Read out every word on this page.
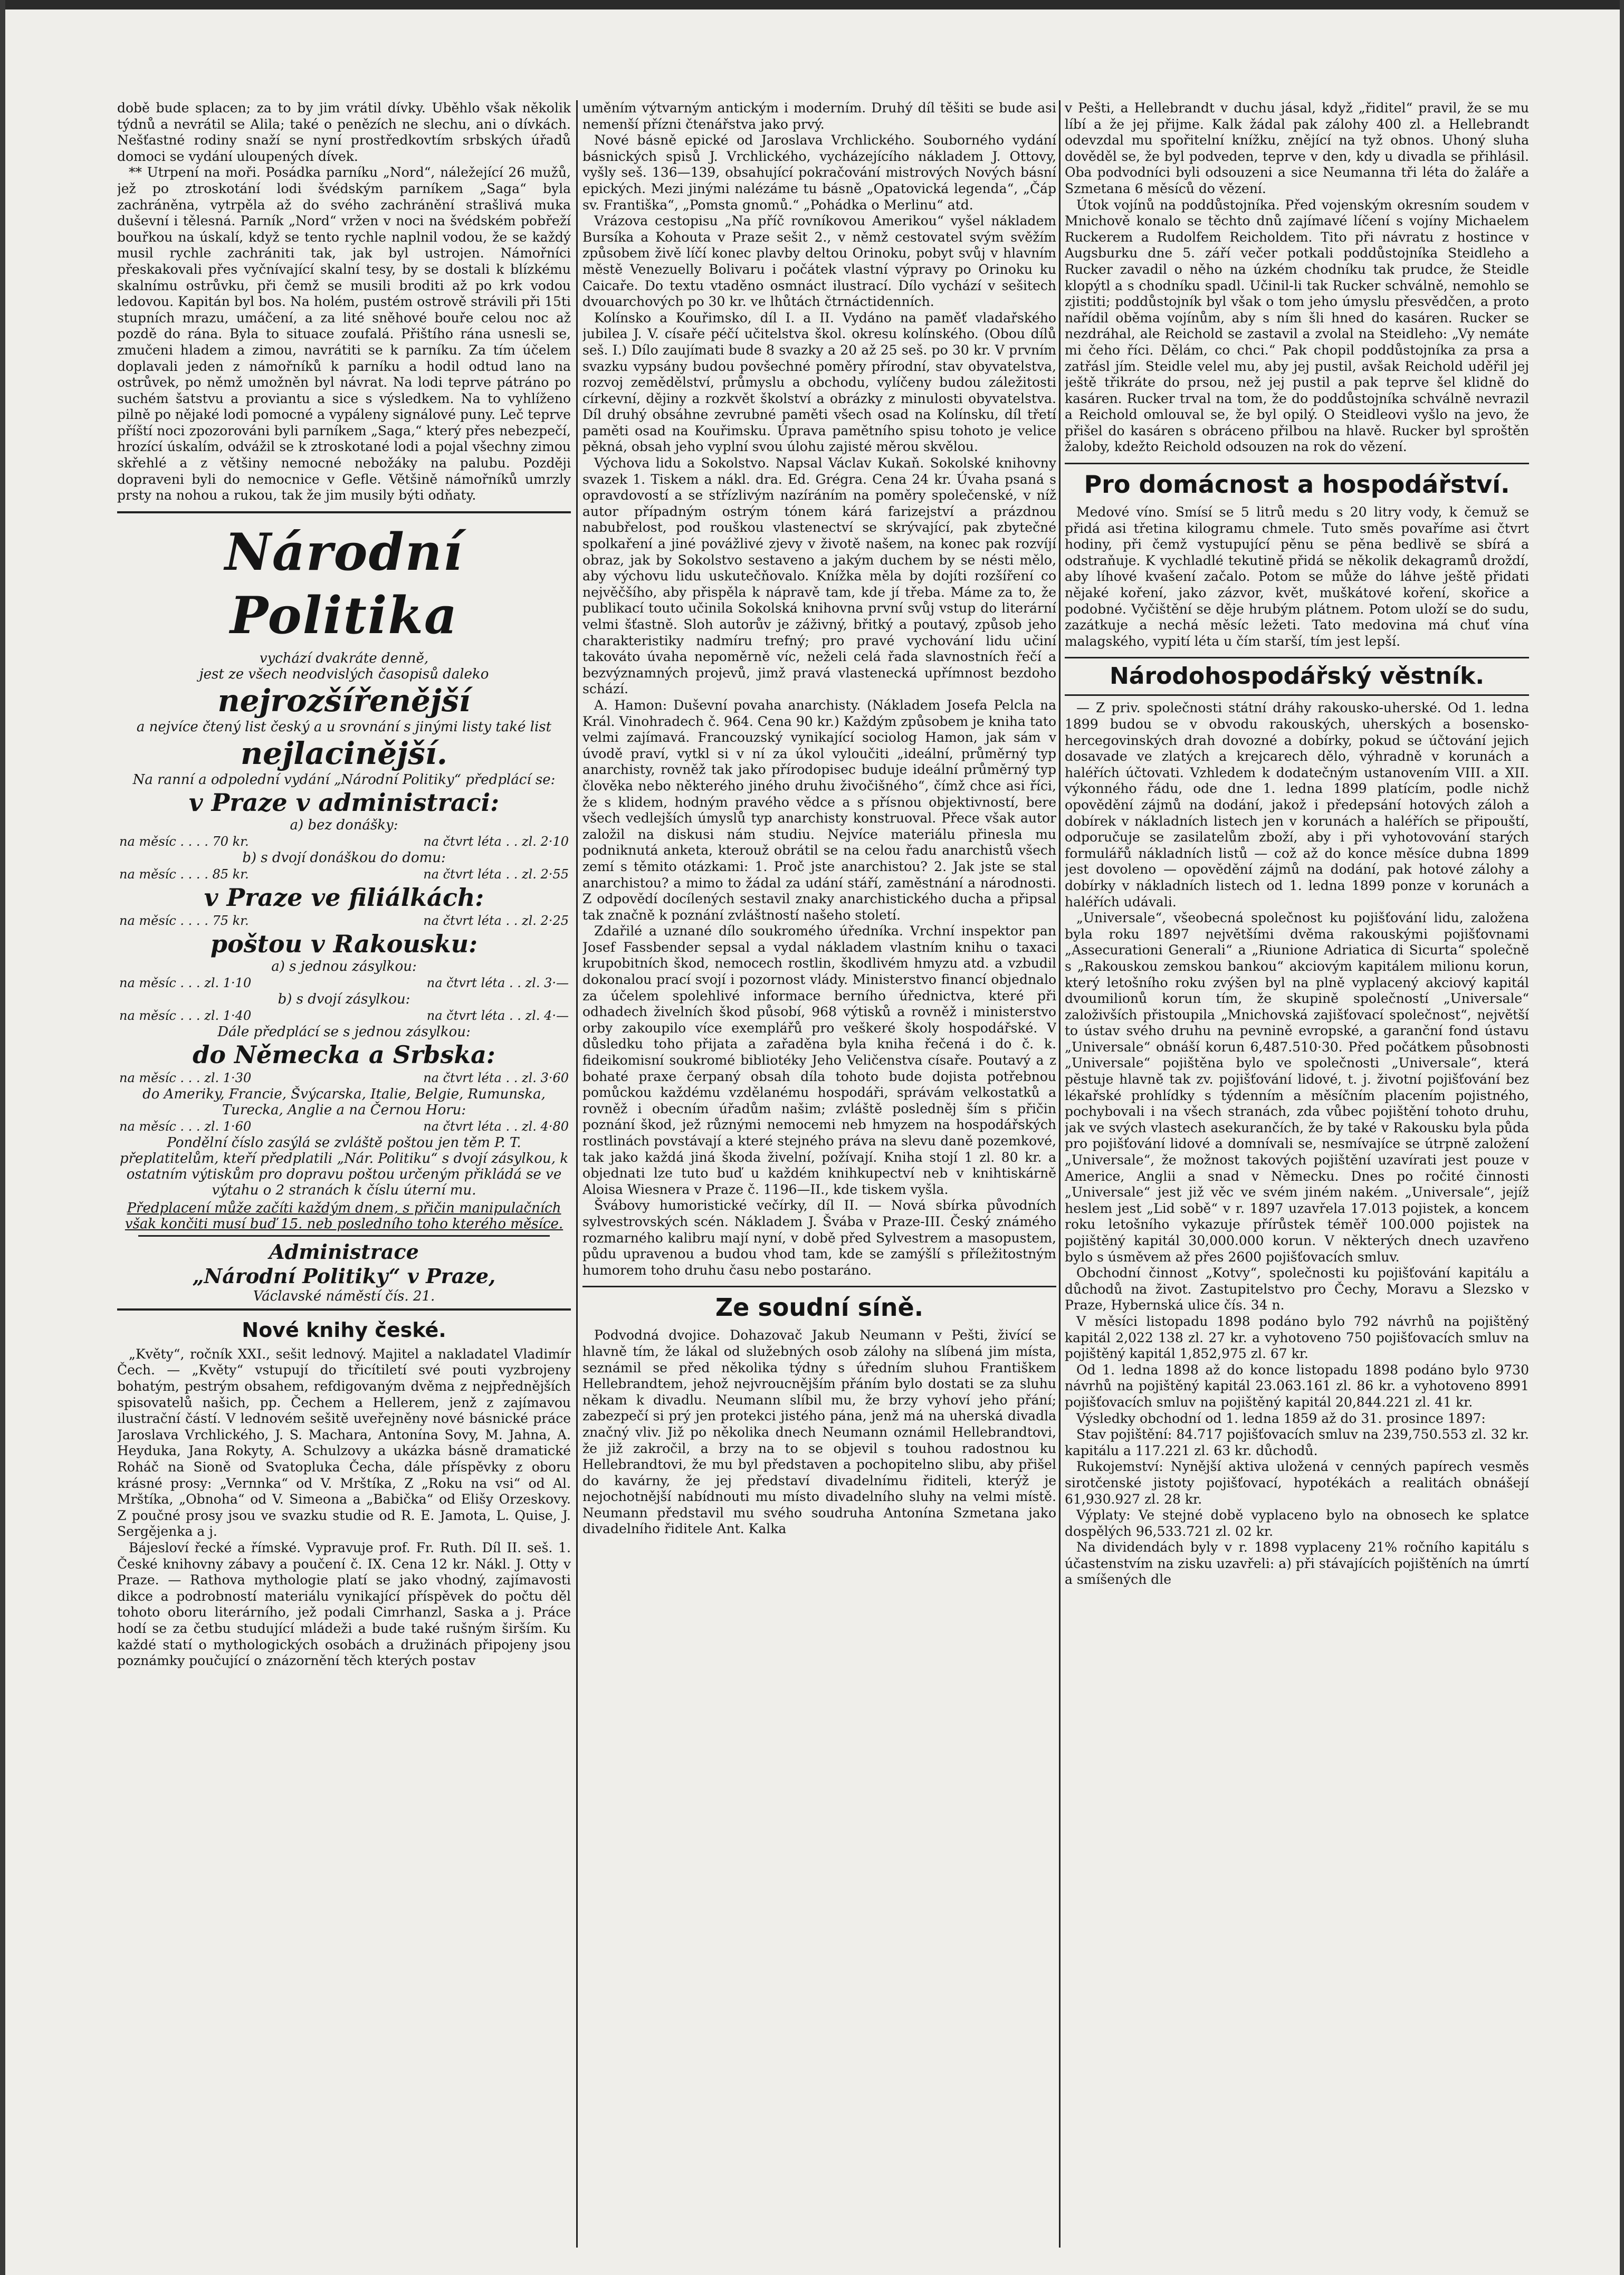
době bude splacen; za to by jim vrátil dívky. Uběhlo však několik týdnů a nevrátil se Alila; také o penězích ne slechu, ani o dívkách. Nešťastné rodiny snaží se nyní prostředkovtím srbských úřadů domoci se vydání uloupených dívek.

** Utrpení na moři. Posádka parníku „Nord“, náležející 26 mužů, jež po ztroskotání lodi švédským parníkem „Saga“ byla zachráněna, vytrpěla až do svého zachránění strašlivá muka duševní i tělesná. Parník „Nord“ vržen v noci na švédském pobřeží bouřkou na úskalí, když se tento rychle naplnil vodou, že se každý musil rychle zachrániti tak, jak byl ustrojen. Námořníci přeskakovali přes vyčnívající skalní tesy, by se dostali k blízkému skalnímu ostrůvku, při čemž se musili broditi až po krk vodou ledovou. Kapitán byl bos. Na holém, pustém ostrově strávili při 15ti stupních mrazu, umáčení, a za lité sněhové bouře celou noc až pozdě do rána. Byla to situace zoufalá. Přištího rána usnesli se, zmučeni hladem a zimou, navrátiti se k parníku. Za tím účelem doplavali jeden z námořníků k parníku a hodil odtud lano na ostrůvek, po němž umožněn byl návrat. Na lodi teprve pátráno po suchém šatstvu a proviantu a sice s výsledkem. Na to vyhlíženo pilně po nějaké lodi pomocné a vypáleny signálové puny. Leč teprve příští noci zpozorováni byli parníkem „Saga,“ který přes nebezpečí, hrozící úskalím, odvážil se k ztroskotané lodi a pojal všechny zimou skřehlé a z většiny nemocné nebožáky na palubu. Později dopraveni byli do nemocnice v Gefle. Většině námořníků umrzly prsty na nohou a rukou, tak že jim musily býti odňaty.

Národní Politika
vychází dvakráte denně,
jest ze všech neodvislých časopisů daleko
nejrozšířenější
a nejvíce čtený list český a u srovnání s jinými listy také list
nejlacinější.
Na ranní a odpolední vydání „Národní Politiky“ předplácí se:
v Praze v administraci:
a) bez donášky:
na měsíc . . . . 70 kr.	na čtvrt léta . . zl. 2·10
b) s dvojí donáškou do domu:
na měsíc . . . . 85 kr.	na čtvrt léta . . zl. 2·55
v Praze ve filiálkách:
na měsíc . . . . 75 kr.	na čtvrt léta . . zl. 2·25
poštou v Rakousku:
a) s jednou zásylkou:
na měsíc . . . zl. 1·10	na čtvrt léta . . zl. 3·—
b) s dvojí zásylkou:
na měsíc . . . zl. 1·40	na čtvrt léta . . zl. 4·—
Dále předplácí se s jednou zásylkou:
do Německa a Srbska:
na měsíc . . . zl. 1·30	na čtvrt léta . . zl. 3·60
do Ameriky, Francie, Švýcarska, Italie, Belgie, Rumunska, Turecka, Anglie a na Černou Horu:
na měsíc . . . zl. 1·60	na čtvrt léta . . zl. 4·80
Pondělní číslo zasýlá se zvláště poštou jen těm P. T. přeplatitelům, kteří předplatili „Nár. Politiku“ s dvojí zásylkou, k ostatním výtiskům pro dopravu poštou určeným přikládá se ve výtahu o 2 stranách k číslu úterní mu.
Předplacení může začíti každým dnem, s přičin manipulačních však končiti musí buď 15. neb posledního toho kterého měsíce.
Administrace
„Národní Politiky“ v Praze,
Václavské náměstí čís. 21.
Nové knihy české.

„Květy“, ročník XXI., sešit lednový. Majitel a nakladatel Vladimír Čech. — „Květy“ vstupují do třicítiletí své pouti vyzbrojeny bohatým, pestrým obsahem, refdigovaným dvěma z nejpřednějších spisovatelů našich, pp. Čechem a Hellerem, jenž z zajímavou ilustrační částí. V lednovém sešitě uveřejněny nové básnické práce Jaroslava Vrchlického, J. S. Machara, Antonína Sovy, M. Jahna, A. Heyduka, Jana Rokyty, A. Schulzovy a ukázka básně dramatické Roháč na Sioně od Svatopluka Čecha, dále příspěvky z oboru krásné prosy: „Vernnka“ od V. Mrštíka, Z „Roku na vsi“ od Al. Mrštíka, „Obnoha“ od V. Simeona a „Babička“ od Elišy Orzeskovy. Z poučné prosy jsou ve svazku studie od R. E. Jamota, L. Quise, J. Sergějenka a j.

Bájesloví řecké a římské. Vypravuje prof. Fr. Ruth. Díl II. seš. 1. České knihovny zábavy a poučení č. IX. Cena 12 kr. Nákl. J. Otty v Praze. — Rathova mythologie platí se jako vhodný, zajímavosti dikce a podrobností materiálu vynikající příspěvek do počtu děl tohoto oboru literárního, jež podali Cimrhanzl, Saska a j. Práce hodí se za četbu studující mládeži a bude také rušným širším. Ku každé statí o mythologických osobách a družinách připojeny jsou poznámky poučující o znázornění těch kterých postav

uměním výtvarným antickým i moderním. Druhý díl těšiti se bude asi nemenší přízni čtenářstva jako prvý.

Nové básně epické od Jaroslava Vrchlického. Souborného vydání básnických spisů J. Vrchlického, vycházejícího nákladem J. Ottovy, vyšly seš. 136—139, obsahující pokračování mistrových Nových básní epických. Mezi jinými nalézáme tu básně „Opatovická legenda“, „Čáp sv. Františka“, „Pomsta gnomů.“ „Pohádka o Merlinu“ atd.

Vrázova cestopisu „Na příč rovníkovou Amerikou“ vyšel nákladem Bursíka a Kohouta v Praze sešit 2., v němž cestovatel svým svěžím způsobem živě líčí konec plavby deltou Orinoku, pobyt svůj v hlavním městě Venezuelly Bolivaru i počátek vlastní výpravy po Orinoku ku Caicaře. Do textu vtaděno osmnáct ilustrací. Dílo vychází v sešitech dvouarchových po 30 kr. ve lhůtách čtrnáctidenních.

Kolínsko a Kouřimsko, díl I. a II. Vydáno na paměť vladařského jubilea J. V. císaře péčí učitelstva škol. okresu kolínského. (Obou dílů seš. I.) Dílo zaujímati bude 8 svazky a 20 až 25 seš. po 30 kr. V prvním svazku vypsány budou povšechné poměry přírodní, stav obyvatelstva, rozvoj zemědělství, průmyslu a obchodu, vylíčeny budou záležitosti církevní, dějiny a rozkvět školství a obrázky z minulosti obyvatelstva. Díl druhý obsáhne zevrubné paměti všech osad na Kolínsku, díl třetí paměti osad na Kouřimsku. Úprava pamětního spisu tohoto je velice pěkná, obsah jeho vyplní svou úlohu zajisté měrou skvělou.

Výchova lidu a Sokolstvo. Napsal Václav Kukaň. Sokolské knihovny svazek 1. Tiskem a nákl. dra. Ed. Grégra. Cena 24 kr. Úvaha psaná s opravdovostí a se střízlivým nazíráním na poměry společenské, v níž autor případným ostrým tónem kárá farizejství a prázdnou nabubřelost, pod rouškou vlastenectví se skrývající, pak zbytečné spolkaření a jiné povážlivé zjevy v životě našem, na konec pak rozvíjí obraz, jak by Sokolstvo sestaveno a jakým duchem by se nésti mělo, aby výchovu lidu uskutečňovalo. Knížka měla by dojíti rozšíření co nejvěčšího, aby přispěla k nápravě tam, kde jí třeba. Máme za to, že publikací touto učinila Sokolská knihovna první svůj vstup do literární velmi šťastně. Sloh autorův je záživný, břitký a poutavý, způsob jeho charakteristiky nadmíru trefný; pro pravé vychování lidu učiní takováto úvaha nepoměrně víc, neželi celá řada slavnostních řečí a bezvýznamných projevů, jimž pravá vlastenecká upřímnost bezdoho schází.

A. Hamon: Duševní povaha anarchisty. (Nákladem Josefa Pelcla na Král. Vinohradech č. 964. Cena 90 kr.) Každým způsobem je kniha tato velmi zajímavá. Francouzský vynikající sociolog Hamon, jak sám v úvodě praví, vytkl si v ní za úkol vyloučiti „ideální, průměrný typ anarchisty, rovněž tak jako přírodopisec buduje ideální průměrný typ člověka nebo některého jiného druhu živočišného“, čímž chce asi říci, že s klidem, hodným pravého vědce a s přísnou objektivností, bere všech vedlejších úmyslů typ anarchisty konstruoval. Přece však autor založil na diskusi nám studiu. Nejvíce materiálu přinesla mu podniknutá anketa, kterouž obrátil se na celou řadu anarchistů všech zemí s těmito otázkami: 1. Proč jste anarchistou? 2. Jak jste se stal anarchistou? a mimo to žádal za udání stáří, zaměstnání a národnosti. Z odpovědí docílených sestavil znaky anarchistického ducha a připsal tak značně k poznání zvláštností našeho století.

Zdařilé a uznané dílo soukromého úředníka. Vrchní inspektor pan Josef Fassbender sepsal a vydal nákladem vlastním knihu o taxaci krupobitních škod, nemocech rostlin, škodlivém hmyzu atd. a vzbudil dokonalou prací svojí i pozornost vlády. Ministerstvo financí objednalo za účelem spolehlivé informace berního úřednictva, které při odhadech živelních škod působí, 968 výtisků a rovněž i ministerstvo orby zakoupilo více exemplářů pro veškeré školy hospodářské. V důsledku toho přijata a zařaděna byla kniha řečená i do č. k. fideikomisní soukromé bibliotéky Jeho Veličenstva císaře. Poutavý a z bohaté praxe čerpaný obsah díla tohoto bude dojista potřebnou pomůckou každému vzdělanému hospodáři, správám velkostatků a rovněž i obecním úřadům našim; zvláště posledněj ším s přičin poznání škod, jež různými nemocemi neb hmyzem na hospodářských rostlinách povstávají a které stejného práva na slevu daně pozemkové, tak jako každá jiná škoda živelní, požívají. Kniha stojí 1 zl. 80 kr. a objednati lze tuto buď u každém knihkupectví neb v knihtiskárně Aloisa Wiesnera v Praze č. 1196—II., kde tiskem vyšla.

Švábovy humoristické večírky, díl II. — Nová sbírka původních sylvestrovských scén. Nákladem J. Švába v Praze-III. Český známého rozmarného kalibru mají nyní, v době před Sylvestrem a masopustem, půdu upravenou a budou vhod tam, kde se zamýšlí s příležitostným humorem toho druhu času nebo postaráno.

Ze soudní síně.

Podvodná dvojice. Dohazovač Jakub Neumann v Pešti, živící se hlavně tím, že lákal od služebných osob zálohy na slíbená jim místa, seznámil se před několika týdny s úředním sluhou Františkem Hellebrandtem, jehož nejvroucnějším přáním bylo dostati se za sluhu někam k divadlu. Neumann slíbil mu, že brzy vyhoví jeho přání; zabezpečí si prý jen protekci jistého pána, jenž má na uherská divadla značný vliv. Již po několika dnech Neumann oznámil Hellebrandtovi, že již zakročil, a brzy na to se objevil s touhou radostnou ku Hellebrandtovi, že mu byl představen a pochopitelno slibu, aby přišel do kavárny, že jej představí divadelnímu řiditeli, kterýž je nejochotnější nabídnouti mu místo divadelního sluhy na velmi místě. Neumann představil mu svého soudruha Antonína Szmetana jako divadelního řiditele Ant. Kalka

v Pešti, a Hellebrandt v duchu jásal, když „řiditel“ pravil, že se mu líbí a že jej přijme. Kalk žádal pak zálohy 400 zl. a Hellebrandt odevzdal mu spořitelní knížku, znějící na tyž obnos. Uhoný sluha dověděl se, že byl podveden, teprve v den, kdy u divadla se přihlásil. Oba podvodníci byli odsouzeni a sice Neumanna tři léta do žaláře a Szmetana 6 měsíců do vězení.

Útok vojínů na poddůstojníka. Před vojenským okresním soudem v Mnichově konalo se těchto dnů zajímavé líčení s vojíny Michaelem Ruckerem a Rudolfem Reicholdem. Tito při návratu z hostince v Augsburku dne 5. září večer potkali poddůstojníka Steidleho a Rucker zavadil o něho na úzkém chodníku tak prudce, že Steidle klopýtl a s chodníku spadl. Učinil-li tak Rucker schválně, nemohlo se zjistiti; poddůstojník byl však o tom jeho úmyslu přesvědčen, a proto nařídil oběma vojínům, aby s ním šli hned do kasáren. Rucker se nezdráhal, ale Reichold se zastavil a zvolal na Steidleho: „Vy nemáte mi čeho říci. Dělám, co chci.“ Pak chopil poddůstojníka za prsa a zatřásl jím. Steidle velel mu, aby jej pustil, avšak Reichold uděřil jej ještě třikráte do prsou, než jej pustil a pak teprve šel klidně do kasáren. Rucker trval na tom, že do poddůstojníka schválně nevrazil a Reichold omlouval se, že byl opilý. O Steidleovi vyšlo na jevo, že přišel do kasáren s obráceno přilbou na hlavě. Rucker byl sproštěn žaloby, kdežto Reichold odsouzen na rok do vězení.

Pro domácnost a hospodářství.

Medové víno. Smísí se 5 litrů medu s 20 litry vody, k čemuž se přidá asi třetina kilogramu chmele. Tuto směs povaříme asi čtvrt hodiny, při čemž vystupující pěnu se pěna bedlivě se sbírá a odstraňuje. K vychladlé tekutině přidá se několik dekagramů droždí, aby líhové kvašení začalo. Potom se může do láhve ještě přidati nějaké koření, jako zázvor, květ, muškátové koření, skořice a podobné. Vyčištění se děje hrubým plátnem. Potom uloží se do sudu, zazátkuje a nechá měsíc ležeti. Tato medovina má chuť vína malagského, vypití léta u čím starší, tím jest lepší.

Národohospodářský věstník.

— Z priv. společnosti státní dráhy rakousko-uherské. Od 1. ledna 1899 budou se v obvodu rakouských, uherských a bosensko-hercegovinských drah dovozné a dobírky, pokud se účtování jejich dosavade ve zlatých a krejcarech dělo, výhradně v korunách a haléřích účtovati. Vzhledem k dodatečným ustanovením VIII. a XII. výkonného řádu, ode dne 1. ledna 1899 platícím, podle nichž opovědění zájmů na dodání, jakož i předepsání hotových záloh a dobírek v nákladních listech jen v korunách a haléřích se připouští, odporučuje se zasilatelům zboží, aby i při vyhotovování starých formulářů nákladních listů — což až do konce měsíce dubna 1899 jest dovoleno — opovědění zájmů na dodání, pak hotové zálohy a dobírky v nákladních listech od 1. ledna 1899 ponze v korunách a haléřích udávali.

„Universale“, všeobecná společnost ku pojišťování lidu, založena byla roku 1897 největšími dvěma rakouskými pojišťovnami „Assecurationi Generali“ a „Riunione Adriatica di Sicurta“ společně s „Rakouskou zemskou bankou“ akciovým kapitálem milionu korun, který letošního roku zvýšen byl na plně vyplacený akciový kapitál dvoumilionů korun tím, že skupině společností „Universale“ založivších přistoupila „Mnichovská zajišťovací společnost“, největší to ústav svého druhu na pevnině evropské, a garanční fond ústavu „Universale“ obnáší korun 6,487.510·30. Před počátkem působnosti „Universale“ pojištěna bylo ve společnosti „Universale“, která pěstuje hlavně tak zv. pojišťování lidové, t. j. životní pojišťování bez lékařské prohlídky s týdenním a měsíčním placením pojistného, pochybovali i na všech stranách, zda vůbec pojištění tohoto druhu, jak ve svých vlastech asekurančích, že by také v Rakousku byla půda pro pojišťování lidové a domnívali se, nesmívajíce se útrpně založení „Universale“, že možnost takových pojištění uzavírati jest pouze v Americe, Anglii a snad v Německu. Dnes po ročité činnosti „Universale“ jest již věc ve svém jiném nakém. „Universale“, jejíž heslem jest „Lid sobě“ v r. 1897 uzavřela 17.013 pojistek, a koncem roku letošního vykazuje přírůstek téměř 100.000 pojistek na pojištěný kapitál 30,000.000 korun. V některých dnech uzavřeno bylo s úsměvem až přes 2600 pojišťovacích smluv.

Obchodní činnost „Kotvy“, společnosti ku pojišťování kapitálu a důchodů na život. Zastupitelstvo pro Čechy, Moravu a Slezsko v Praze, Hybernská ulice čís. 34 n.

V měsíci listopadu 1898 podáno bylo 792 návrhů na pojištěný kapitál 2,022 138 zl. 27 kr. a vyhotoveno 750 pojišťovacích smluv na pojištěný kapitál 1,852,975 zl. 67 kr.

Od 1. ledna 1898 až do konce listopadu 1898 podáno bylo 9730 návrhů na pojištěný kapitál 23.063.161 zl. 86 kr. a vyhotoveno 8991 pojišťovacích smluv na pojištěný kapitál 20,844.221 zl. 41 kr.

Výsledky obchodní od 1. ledna 1859 až do 31. prosince 1897:

Stav pojištění: 84.717 pojišťovacích smluv na 239,750.553 zl. 32 kr. kapitálu a 117.221 zl. 63 kr. důchodů.

Rukojemství: Nynější aktiva uložená v cenných papírech vesměs sirotčenské jistoty pojišťovací, hypotékách a realitách obnášejí 61,930.927 zl. 28 kr.

Výplaty: Ve stejné době vyplaceno bylo na obnosech ke splatce dospělých 96,533.721 zl. 02 kr.

Na dividendách byly v r. 1898 vyplaceny 21% ročního kapitálu s účastenstvím na zisku uzavřeli: a) při stávajících pojištěních na úmrtí a smíšených dle
